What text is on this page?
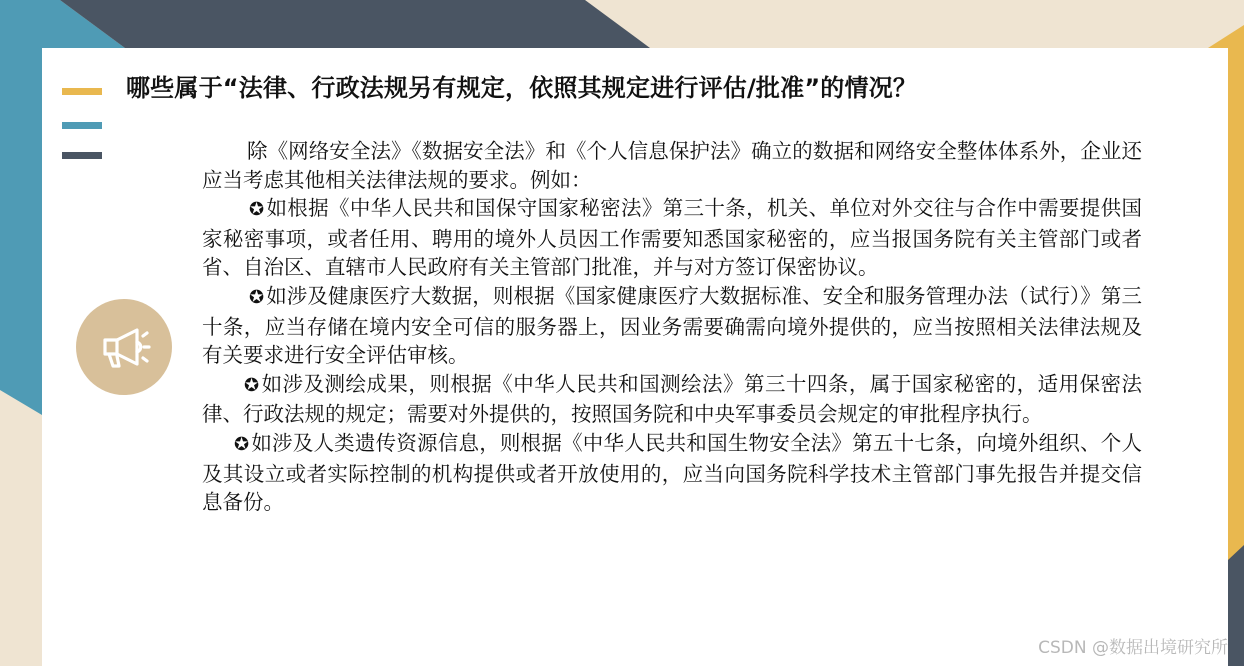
哪些属于“法律、行政法规另有规定，依照其规定进行评估/批准”的情况？

除《网络安全法》《数据安全法》和《个人信息保护法》确立的数据和网络安全整体体系外，企业还应当考虑其他相关法律法规的要求。例如：

✪如根据《中华人民共和国保守国家秘密法》第三十条，机关、单位对外交往与合作中需要提供国家秘密事项，或者任用、聘用的境外人员因工作需要知悉国家秘密的，应当报国务院有关主管部门或者省、自治区、直辖市人民政府有关主管部门批准，并与对方签订保密协议。

✪如涉及健康医疗大数据，则根据《国家健康医疗大数据标准、安全和服务管理办法（试行）》第三十条，应当存储在境内安全可信的服务器上，因业务需要确需向境外提供的，应当按照相关法律法规及有关要求进行安全评估审核。

✪如涉及测绘成果，则根据《中华人民共和国测绘法》第三十四条，属于国家秘密的，适用保密法律、行政法规的规定；需要对外提供的，按照国务院和中央军事委员会规定的审批程序执行。

✪如涉及人类遗传资源信息，则根据《中华人民共和国生物安全法》第五十七条，向境外组织、个人及其设立或者实际控制的机构提供或者开放使用的，应当向国务院科学技术主管部门事先报告并提交信息备份。

CSDN @数据出境研究所
